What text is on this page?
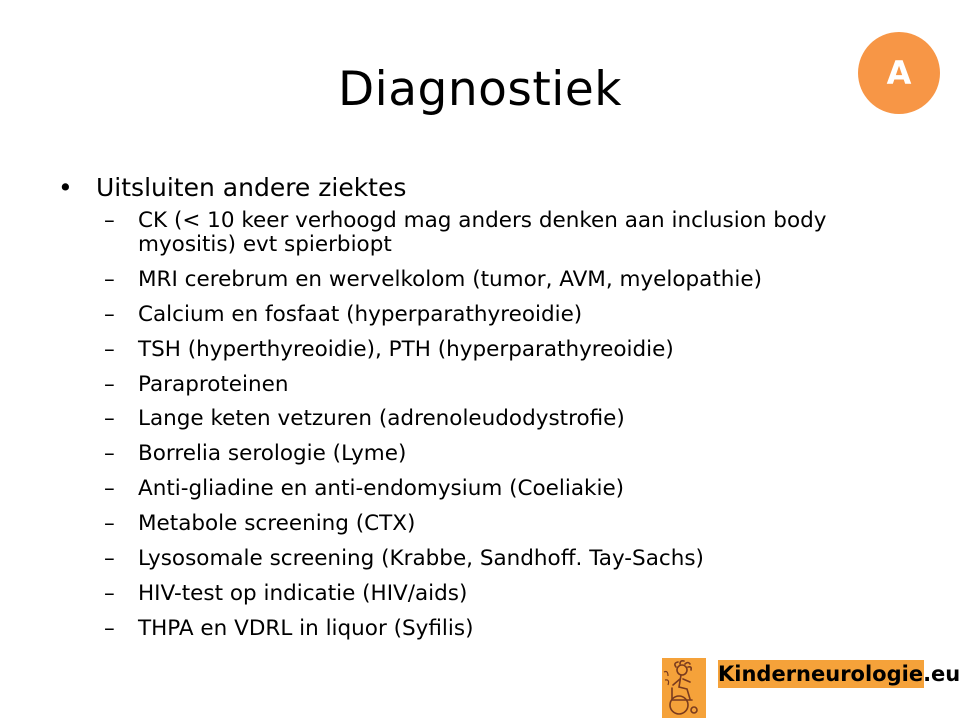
Diagnostiek	A
• Uitsluiten andere ziektes
– CK (< 10 keer verhoogd mag anders denken aan inclusion body myositis) evt spierbiopt
– MRI cerebrum en wervelkolom (tumor, AVM, myelopathie)
– Calcium en fosfaat (hyperparathyreoidie)
– TSH (hyperthyreoidie), PTH (hyperparathyreoidie)
– Paraproteinen
– Lange keten vetzuren (adrenoleudodystrofie)
– Borrelia serologie (Lyme)
– Anti-gliadine en anti-endomysium (Coeliakie)
– Metabole screening (CTX)
– Lysosomale screening (Krabbe, Sandhoff. Tay-Sachs)
– HIV-test op indicatie (HIV/aids)
– THPA en VDRL in liquor (Syfilis)
Kinderneurologie.eu
